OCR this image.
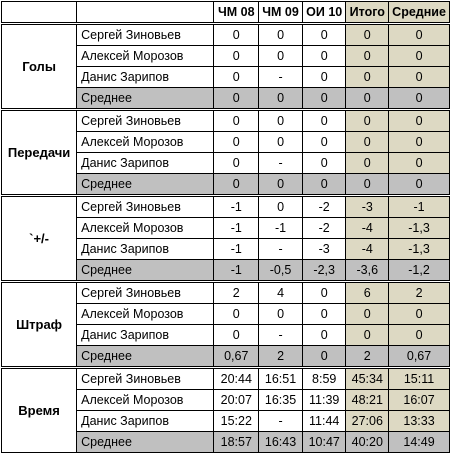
		ЧМ 08	ЧМ 09	ОИ 10	Итого	Средние
Голы	Сергей Зиновьев	0	0	0	0	0
	Алексей Морозов	0	0	0	0	0
	Данис Зарипов	0	-	0	0	0
	Среднее	0	0	0	0	0
Передачи	Сергей Зиновьев	0	0	0	0	0
	Алексей Морозов	0	0	0	0	0
	Данис Зарипов	0	-	0	0	0
	Среднее	0	0	0	0	0
`+/-	Сергей Зиновьев	-1	0	-2	-3	-1
	Алексей Морозов	-1	-1	-2	-4	-1,3
	Данис Зарипов	-1	-	-3	-4	-1,3
	Среднее	-1	-0,5	-2,3	-3,6	-1,2
Штраф	Сергей Зиновьев	2	4	0	6	2
	Алексей Морозов	0	0	0	0	0
	Данис Зарипов	0	-	0	0	0
	Среднее	0,67	2	0	2	0,67
Время	Сергей Зиновьев	20:44	16:51	8:59	45:34	15:11
	Алексей Морозов	20:07	16:35	11:39	48:21	16:07
	Данис Зарипов	15:22	-	11:44	27:06	13:33
	Среднее	18:57	16:43	10:47	40:20	14:49
